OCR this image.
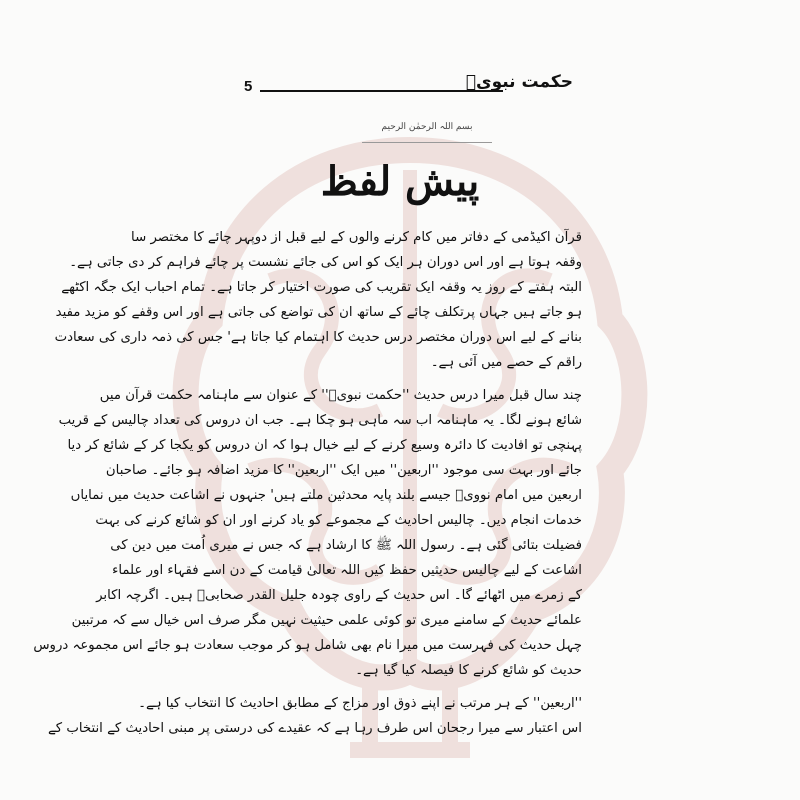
5	حکمت نبویؐ
بسم اللہ الرحمٰن الرحیم
پیش لفظ
قرآن اکیڈمی کے دفاتر میں کام کرنے والوں کے لیے قبل از دوپہر چائے کا مختصر سا
وقفہ ہوتا ہے اور اس دوران ہر ایک کو اس کی جائے نشست پر چائے فراہم کر دی جاتی ہے۔
البتہ ہفتے کے روز یہ وقفہ ایک تقریب کی صورت اختیار کر جاتا ہے۔ تمام احباب ایک جگہ اکٹھے
ہو جاتے ہیں جہاں پرتکلف چائے کے ساتھ ان کی تواضع کی جاتی ہے اور اس وقفے کو مزید مفید
بنانے کے لیے اس دوران مختصر درس حدیث کا اہتمام کیا جاتا ہے' جس کی ذمہ داری کی سعادت
راقم کے حصے میں آئی ہے۔
چند سال قبل میرا درس حدیث ''حکمت نبویؐ'' کے عنوان سے ماہنامہ حکمت قرآن میں
شائع ہونے لگا۔ یہ ماہنامہ اب سہ ماہی ہو چکا ہے۔ جب ان دروس کی تعداد چالیس کے قریب
پہنچی تو افادیت کا دائرہ وسیع کرنے کے لیے خیال ہوا کہ ان دروس کو یکجا کر کے شائع کر دیا
جائے اور بہت سی موجود ''اربعین'' میں ایک ''اربعین'' کا مزید اضافہ ہو جائے۔ صاحبان
اربعین میں امام نوویؒ جیسے بلند پایہ محدثین ملتے ہیں' جنہوں نے اشاعت حدیث میں نمایاں
خدمات انجام دیں۔ چالیس احادیث کے مجموعے کو یاد کرنے اور ان کو شائع کرنے کی بہت
فضیلت بتائی گئی ہے۔ رسول اللہ ﷺ کا ارشاد ہے کہ جس نے میری اُمت میں دین کی
اشاعت کے لیے چالیس حدیثیں حفظ کیں اللہ تعالیٰ قیامت کے دن اسے فقہاء اور علماء
کے زمرے میں اٹھائے گا۔ اس حدیث کے راوی چودہ جلیل القدر صحابیؓ ہیں۔ اگرچہ اکابر
علمائے حدیث کے سامنے میری تو کوئی علمی حیثیت نہیں مگر صرف اس خیال سے کہ مرتبین
چہل حدیث کی فہرست میں میرا نام بھی شامل ہو کر موجب سعادت ہو جائے اس مجموعہ دروس
حدیث کو شائع کرنے کا فیصلہ کیا گیا ہے۔
''اربعین'' کے ہر مرتب نے اپنے ذوق اور مزاج کے مطابق احادیث کا انتخاب کیا ہے۔
اس اعتبار سے میرا رجحان اس طرف رہا ہے کہ عقیدے کی درستی پر مبنی احادیث کے انتخاب کے
